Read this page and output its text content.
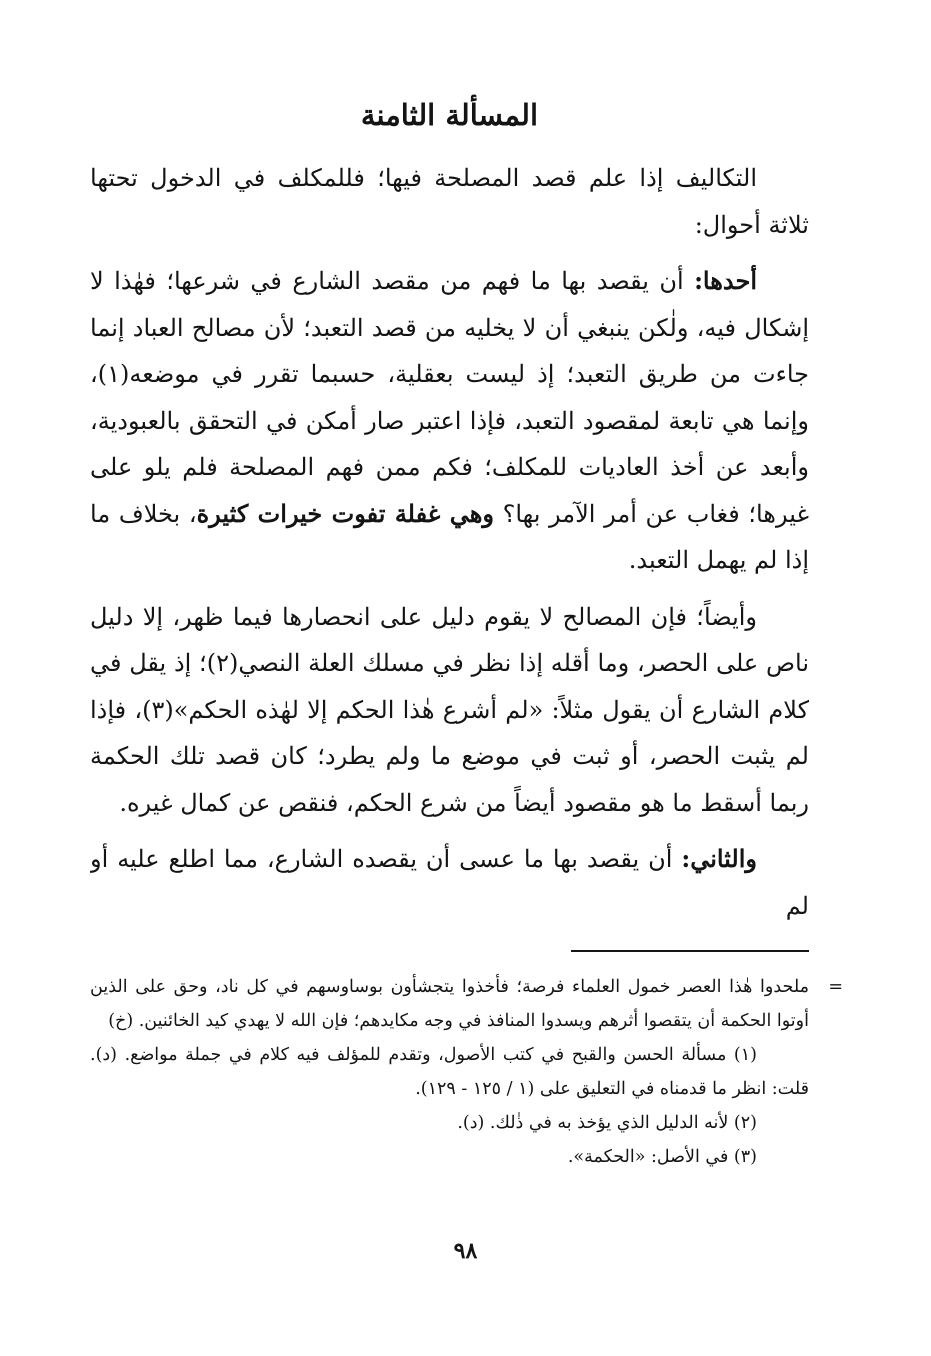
المسألة الثامنة

التكاليف إذا علم قصد المصلحة فيها؛ فللمكلف في الدخول تحتها ثلاثة أحوال:

أحدها: أن يقصد بها ما فهم من مقصد الشارع في شرعها؛ فهٰذا لا إشكال فيه، ولٰكن ينبغي أن لا يخليه من قصد التعبد؛ لأن مصالح العباد إنما جاءت من طريق التعبد؛ إذ ليست بعقلية، حسبما تقرر في موضعه(١)، وإنما هي تابعة لمقصود التعبد، فإذا اعتبر صار أمكن في التحقق بالعبودية، وأبعد عن أخذ العاديات للمكلف؛ فكم ممن فهم المصلحة فلم يلو على غيرها؛ فغاب عن أمر الآمر بها؟ وهي غفلة تفوت خيرات كثيرة، بخلاف ما إذا لم يهمل التعبد.

وأيضاً؛ فإن المصالح لا يقوم دليل على انحصارها فيما ظهر، إلا دليل ناص على الحصر، وما أقله إذا نظر في مسلك العلة النصي(٢)؛ إذ يقل في كلام الشارع أن يقول مثلاً: «لم أشرع هٰذا الحكم إلا لهٰذه الحكم»(٣)، فإذا لم يثبت الحصر، أو ثبت في موضع ما ولم يطرد؛ كان قصد تلك الحكمة ربما أسقط ما هو مقصود أيضاً من شرع الحكم، فنقص عن كمال غيره.

والثاني: أن يقصد بها ما عسى أن يقصده الشارع، مما اطلع عليه أو لم

=
ملحدوا هٰذا العصر خمول العلماء فرصة؛ فأخذوا يتجشأون بوساوسهم في كل ناد، وحق على الذين أوتوا الحكمة أن يتقصوا أثرهم ويسدوا المنافذ في وجه مكايدهم؛ فإن الله لا يهدي كيد الخائنين. (خ)

(١) مسألة الحسن والقبح في كتب الأصول، وتقدم للمؤلف فيه كلام في جملة مواضع. (د). قلت: انظر ما قدمناه في التعليق على (١ / ١٢٥ - ١٢٩).

(٢) لأنه الدليل الذي يؤخذ به في ذٰلك. (د).

(٣) في الأصل: «الحكمة».

٩٨
